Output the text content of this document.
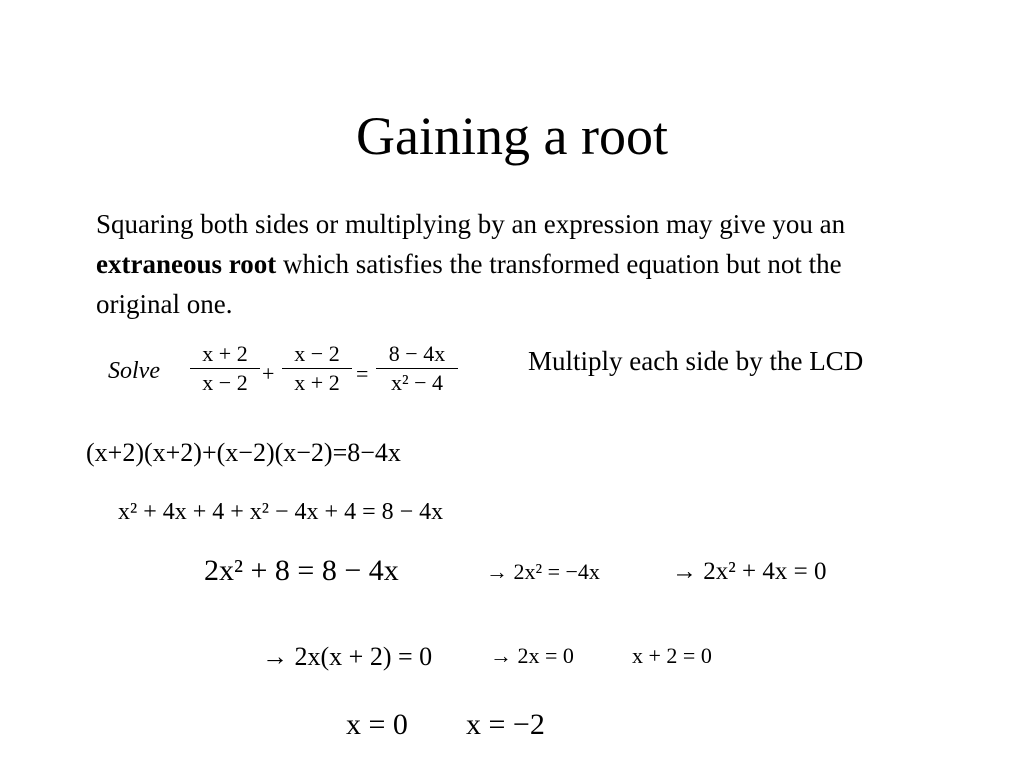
Gaining a root
Squaring both sides or multiplying by an expression may give you an extraneous root which satisfies the transformed equation but not the original one.
Solve
x + 2
x − 2 +
x − 2
x + 2 =
8 − 4x
x² − 4
Multiply each side by the LCD
(x+2)(x+2)+(x−2)(x−2)=8−4x
x² + 4x + 4 + x² − 4x + 4 = 8 − 4x
2x² + 8 = 8 − 4x	→ 2x² = −4x	→ 2x² + 4x = 0
→ 2x(x + 2) = 0	→ 2x = 0	x + 2 = 0
x = 0 x = −2
